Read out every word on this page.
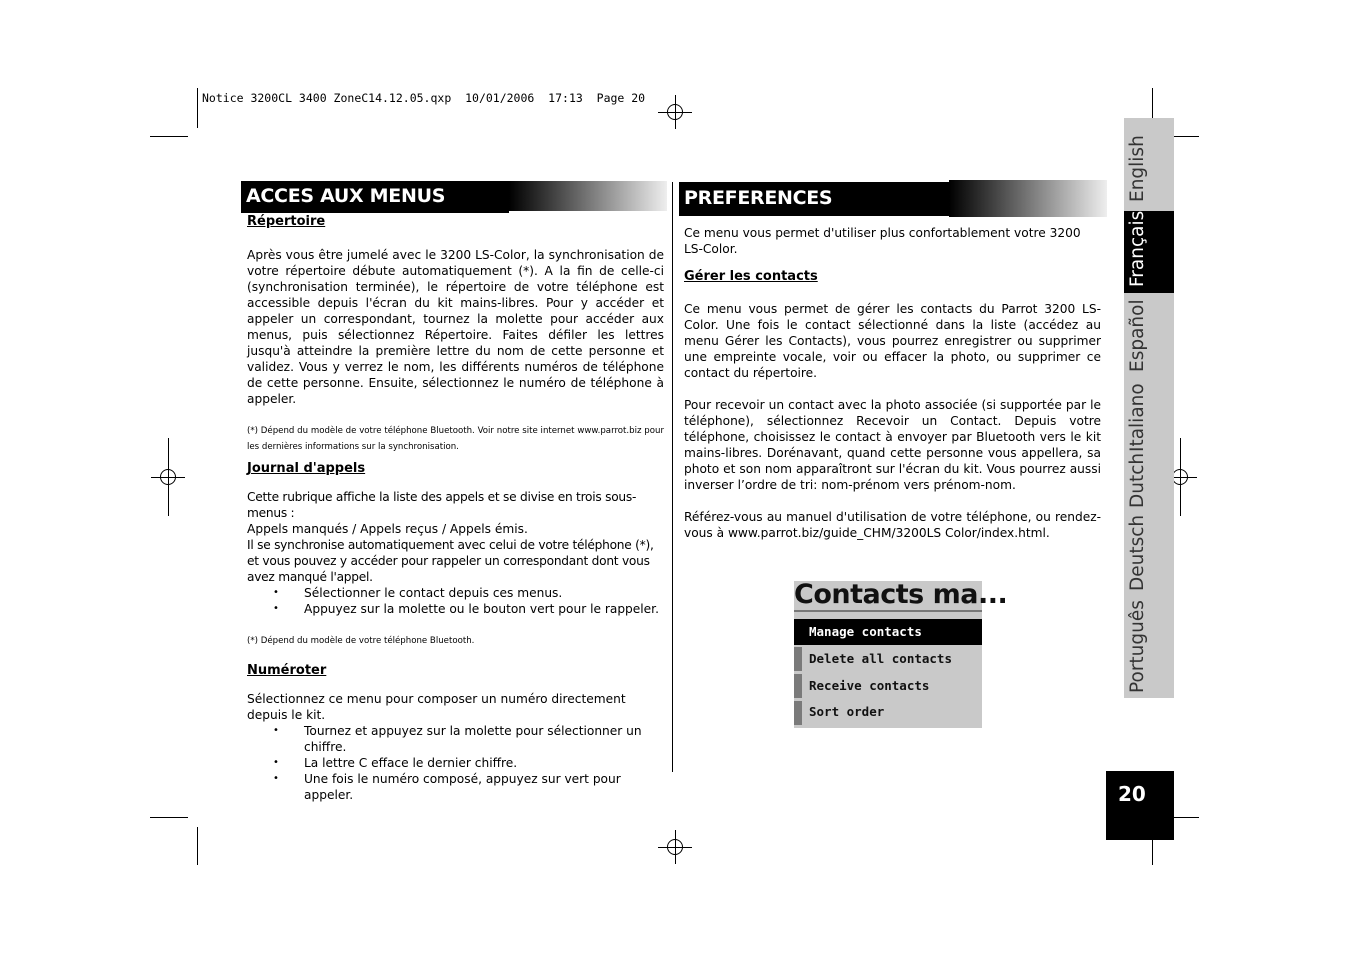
Notice 3200CL 3400 ZoneC14.12.05.qxp  10/01/2006  17:13  Page 20
ACCES AUX MENUS
Répertoire
Après vous être jumelé avec le 3200 LS-Color, la synchronisation de votre répertoire débute automatiquement (*). A la fin de celle-ci (synchronisation terminée), le répertoire de votre téléphone est accessible depuis l'écran du kit mains-libres. Pour y accéder et appeler un correspondant, tournez la molette pour accéder aux menus, puis sélectionnez Répertoire. Faites défiler les lettres jusqu'à atteindre la première lettre du nom de cette personne et validez. Vous y verrez le nom, les différents numéros de téléphone de cette personne. Ensuite, sélectionnez le numéro de téléphone à appeler.
(*) Dépend du modèle de votre téléphone Bluetooth. Voir notre site internet www.parrot.biz pour les dernières informations sur la synchronisation.
Journal d'appels
Cette rubrique affiche la liste des appels et se divise en trois sous-menus :
Appels manqués / Appels reçus / Appels émis.
Il se synchronise automatiquement avec celui de votre téléphone (*), et vous pouvez y accéder pour rappeler un correspondant dont vous avez manqué l'appel.
• Sélectionner le contact depuis ces menus.
• Appuyez sur la molette ou le bouton vert pour le rappeler.
(*) Dépend du modèle de votre téléphone Bluetooth.
Numéroter
Sélectionnez ce menu pour composer un numéro directement depuis le kit.
• Tournez et appuyez sur la molette pour sélectionner un chiffre.
• La lettre C efface le dernier chiffre.
• Une fois le numéro composé, appuyez sur vert pour appeler.
PREFERENCES
Ce menu vous permet d'utiliser plus confortablement votre 3200 LS-Color.
Gérer les contacts
Ce menu vous permet de gérer les contacts du Parrot 3200 LS-Color. Une fois le contact sélectionné dans la liste (accédez au menu Gérer les Contacts), vous pourrez enregistrer ou supprimer une empreinte vocale, voir ou effacer la photo, ou supprimer ce contact du répertoire.
Pour recevoir un contact avec la photo associée (si supportée par le téléphone), sélectionnez Recevoir un Contact. Depuis votre téléphone, choisissez le contact à envoyer par Bluetooth vers le kit mains-libres. Dorénavant, quand cette personne vous appellera, sa photo et son nom apparaîtront sur l'écran du kit. Vous pourrez aussi inverser l’ordre de tri: nom-prénom vers prénom-nom.
Référez-vous au manuel d'utilisation de votre téléphone, ou rendez-vous à www.parrot.biz/guide_CHM/3200LS Color/index.html.
Contacts ma...
Manage contacts
Delete all contacts
Receive contacts
Sort order
English
Français
Español
Italiano
Dutch
Deutsch
Português
20
